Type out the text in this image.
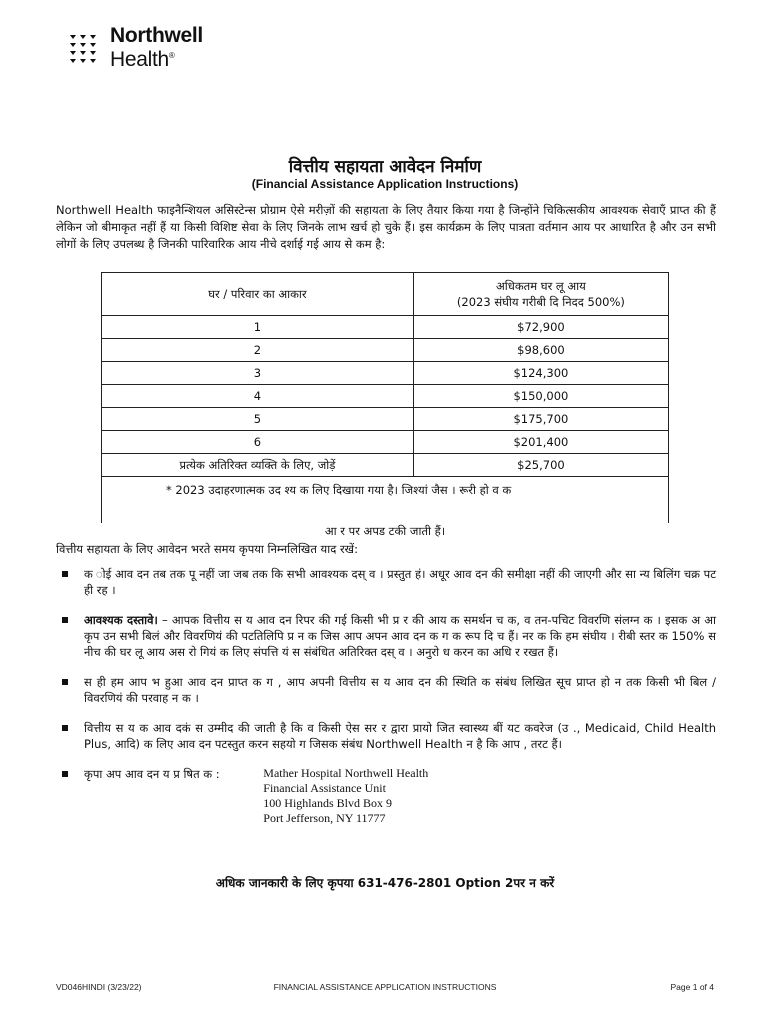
Northwell
Health®
वित्तीय सहायता आवेदन निर्माण
(Financial Assistance Application Instructions)
Northwell Health फाइनैन्शियल असिस्टेन्स प्रोग्राम ऐसे मरीज़ों की सहायता के लिए तैयार किया गया है जिन्होंने चिकित्सकीय आवश्यक सेवाएँ प्राप्त की हैं लेकिन जो बीमाकृत नहीं हैं या किसी विशिष्ट सेवा के लिए जिनके लाभ खर्च हो चुके हैं। इस कार्यक्रम के लिए पात्रता वर्तमान आय पर आधारित है और उन सभी लोगों के लिए उपलब्ध है जिनकी पारिवारिक आय नीचे दर्शाई गई आय से कम है:
घर / परिवार का आकार	अधिकतम घर लू आय
(2023 संघीय गरीबी दि निदद 500%)

1	$72,900
2	$98,600
3	$124,300
4	$150,000
5	$175,700
6	$201,400
प्रत्येक अतिरिक्त व्यक्ति के लिए, जोड़ें	$25,700
* 2023 उदाहरणात्मक उद श्य क लिए दिखाया गया है। जिश्यां जैस । रूरी हो व क	
आ र पर अपड टकी जाती हैं।
वित्तीय सहायता के लिए आवेदन भरते समय कृपया निम्नलिखित याद रखें:
क ोई आव दन तब तक पू नहीं जा जब तक कि सभी आवश्यक दस् व । प्रस्तुत हं। अधूर आव दन की समीक्षा नहीं की जाएगी और सा न्य बिलिंग चक्र पट ही रह ।
आवश्यक दस्तावे। – आपक वित्तीय स य आव दन रिपर की गई किसी भी प्र र की आय क समर्थन च क, व तन-पचिट विवरणि संलग्न क । इसक अ आ कृप उन सभी बिलं और विवरणियं की पटतिलिपि प्र न क जिस आप अपन आव दन क ग क रूप दि च हैं। नर क कि हम संघीय । रीबी स्तर क 150% स नीच की घर लू आय अस रो गियं क लिए संपत्ति यं स संबंधित अतिरिक्त दस् व । अनुरो ध करन का अधि र रखत हैं।
स ही हम आप भ हुआ आव दन प्राप्त क ग , आप अपनी वित्तीय स य आव दन की स्थिति क संबंध लिखित सूच प्राप्त हो न तक किसी भी बिल / विवरणियं की परवाह न क ।
वित्तीय स य क आव दकं स उम्मीद की जाती है कि व किसी ऐस सर र द्वारा प्रायो जित स्वास्थ्य बीं यट कवरेज (उ ., Medicaid, Child Health Plus, आदि) क लिए आव दन पटस्तुत करन सहयो ग जिसक संबंध Northwell Health न है कि आप , तरट हैं।
कृपा अप आव दन य प्र षित क :	Mather Hospital Northwell Health
Financial Assistance Unit
100 Highlands Blvd Box 9
Port Jefferson, NY 11777
अधिक जानकारी के लिए कृपया 631-476-2801 Option 2पर न करें
VD046HINDI (3/23/22)	FINANCIAL ASSISTANCE APPLICATION INSTRUCTIONS	Page 1 of 4
